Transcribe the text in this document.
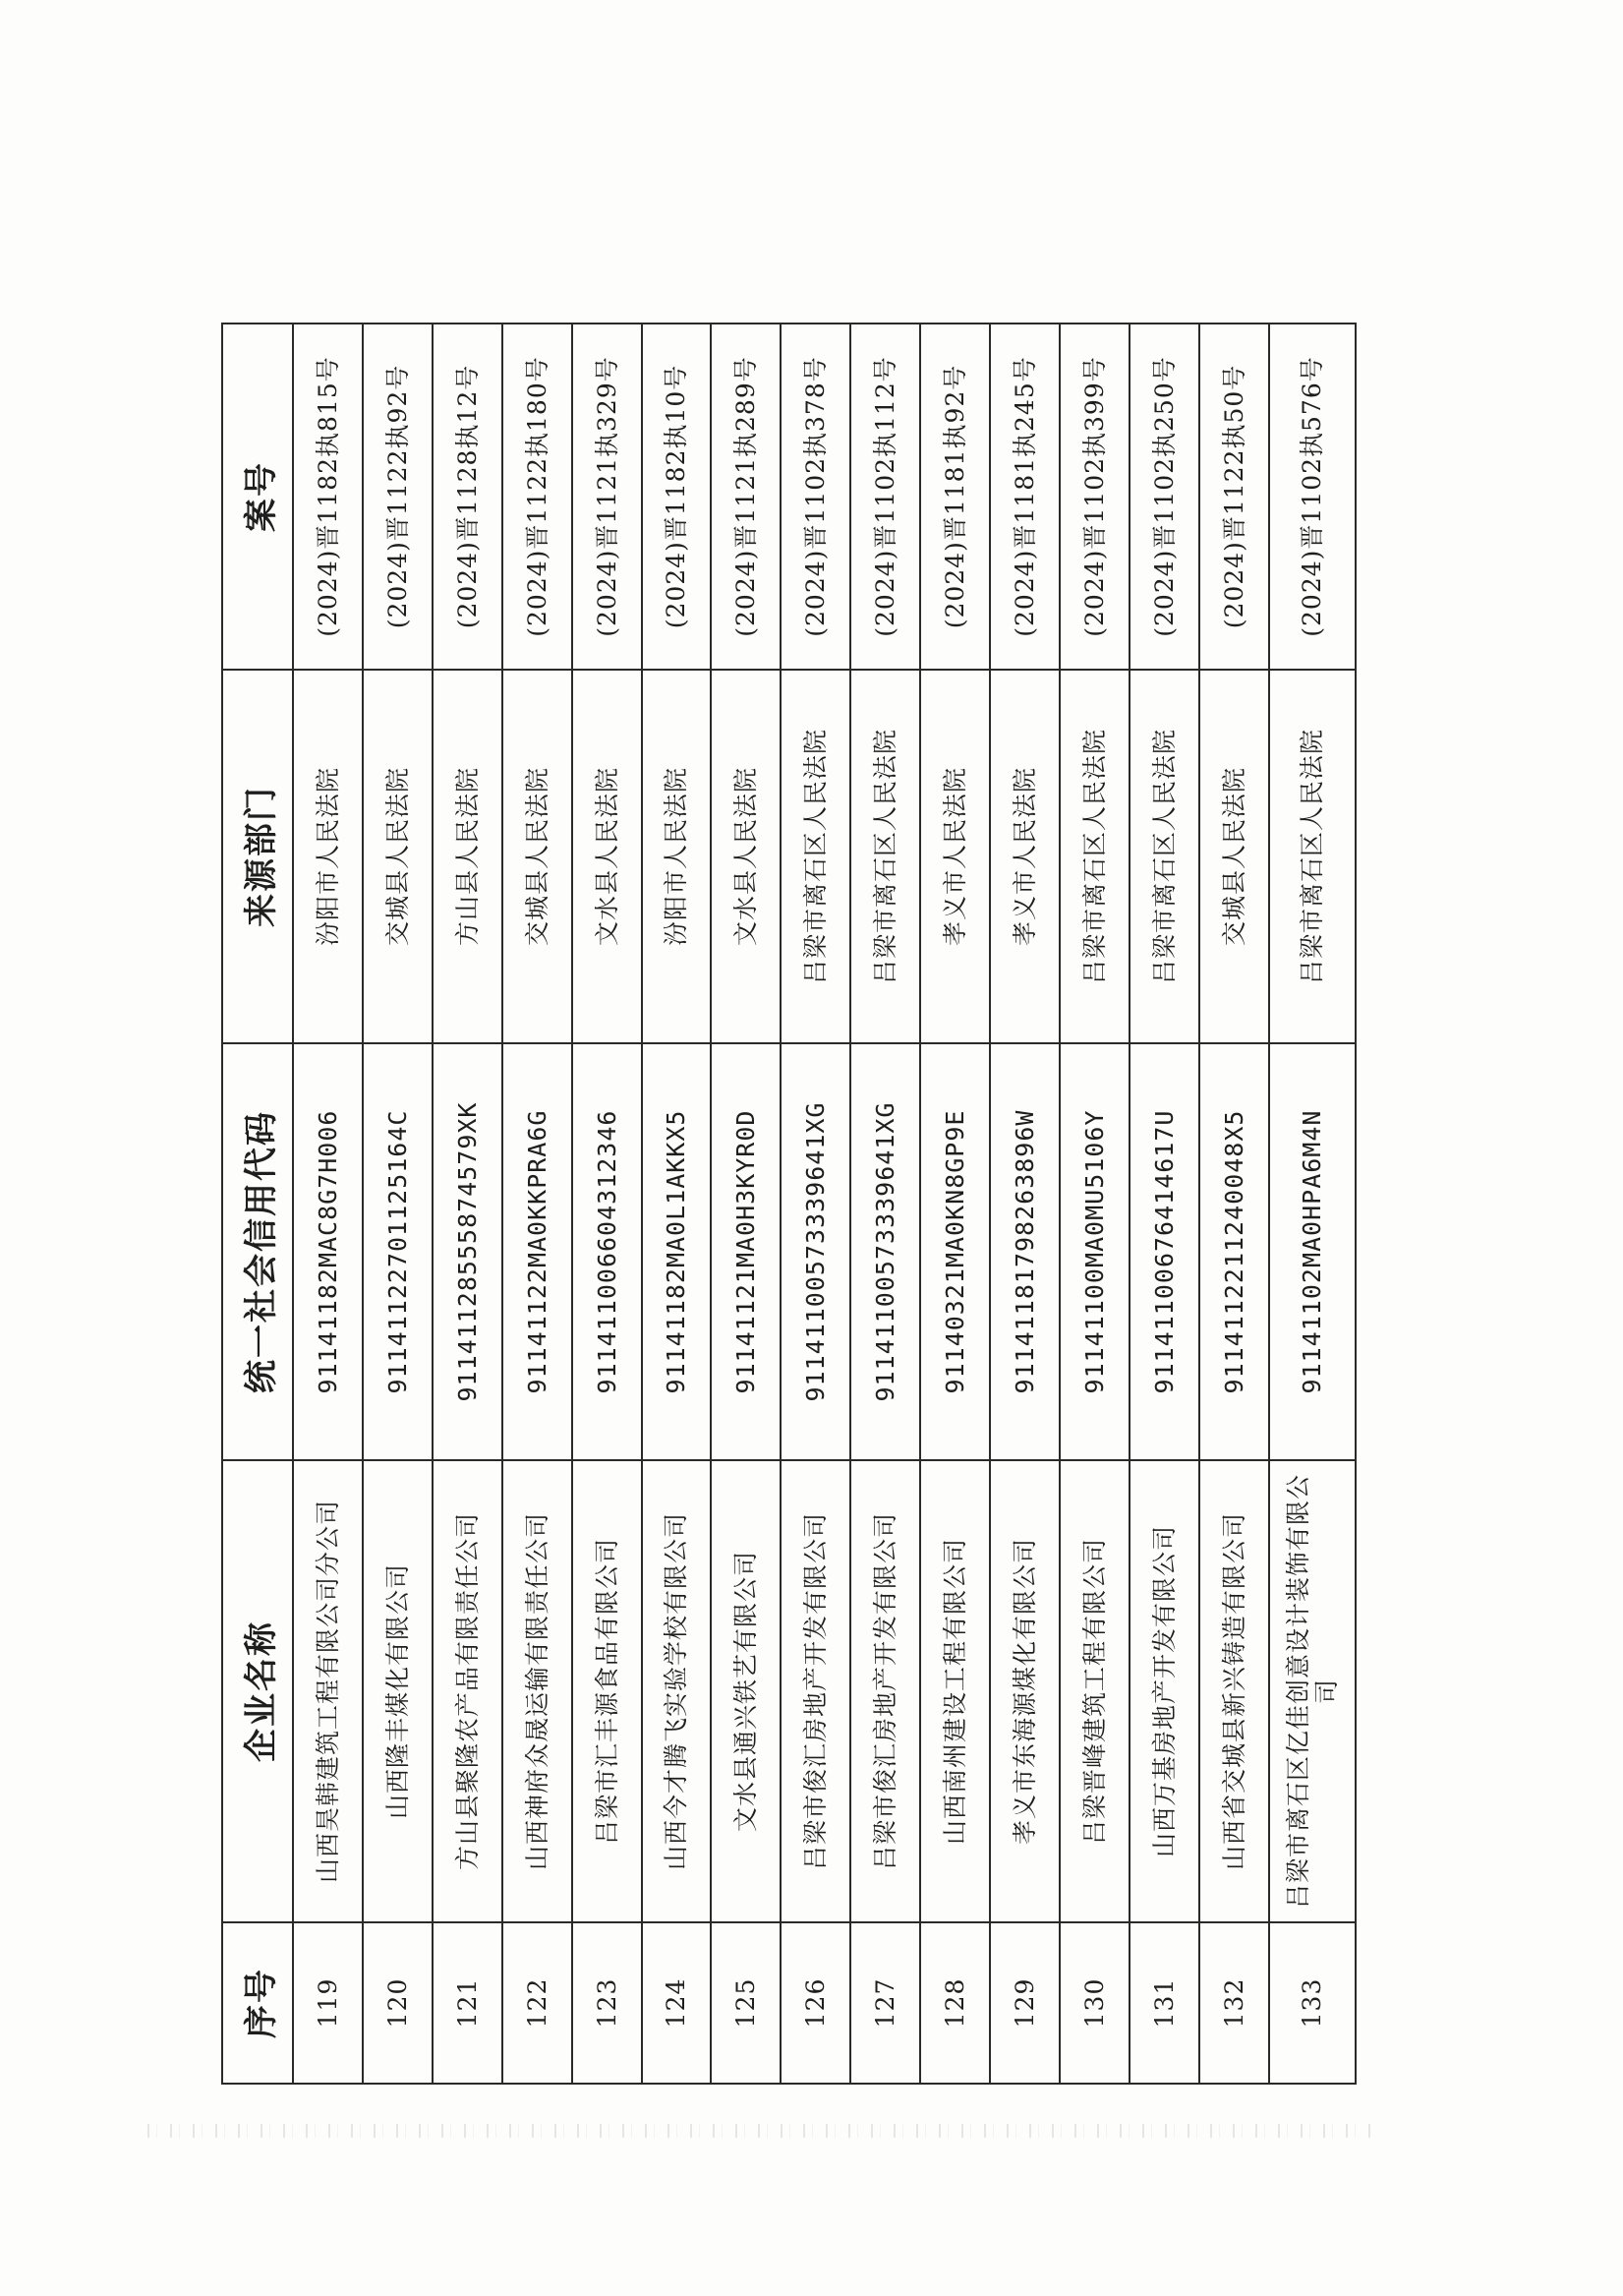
序号	企业名称	统一社会信用代码	来源部门	案号
119	山西昊韩建筑工程有限公司分公司	91141182MAC8G7H006	汾阳市人民法院	(2024)晋1182执815号
120	山西隆丰煤化有限公司	9114112270112516​4C	交城县人民法院	(2024)晋1122执92号
121	方山县聚隆农产品有限责任公司	91141128555874579XK	方山县人民法院	(2024)晋1128执12号
122	山西神府众晟运输有限责任公司	91141122MA0KKPRA6G	交城县人民法院	(2024)晋1122执180号
123	吕梁市汇丰源食品有限公司	91141100660431​2346	文水县人民法院	(2024)晋1121执329号
124	山西今才腾飞实验学校有限公司	91141182MA0L1AKKX5	汾阳市人民法院	(2024)晋1182执10号
125	文水县通兴铁艺有限公司	91141121MA0H3KYR0D	文水县人民法院	(2024)晋1121执289号
126	吕梁市俊汇房地产开发有限公司	91141100573339641XG	吕梁市离石区人民法院	(2024)晋1102执378号
127	吕梁市俊汇房地产开发有限公司	91141100573339641XG	吕梁市离石区人民法院	(2024)晋1102执112号
128	山西南州建设工程有限公司	91140321MA0KN8GP9E	孝义市人民法院	(2024)晋1181执92号
129	孝义市东海源煤化有限公司	91141181798263896W	孝义市人民法院	(2024)晋1181执245号
130	吕梁晋峰建筑工程有限公司	91141100MA0MU5106Y	吕梁市离石区人民法院	(2024)晋1102执399号
131	山西万基房地产开发有限公司	91141100676414617U	吕梁市离石区人民法院	(2024)晋1102执250号
132	山西省交城县新兴铸造有限公司	91141122112400​48X5	交城县人民法院	(2024)晋1122执50号
133	吕梁市离石区亿佳创意设计装饰有限公司	91141102MA0HPA6M4N	吕梁市离石区人民法院	(2024)晋1102执576号
